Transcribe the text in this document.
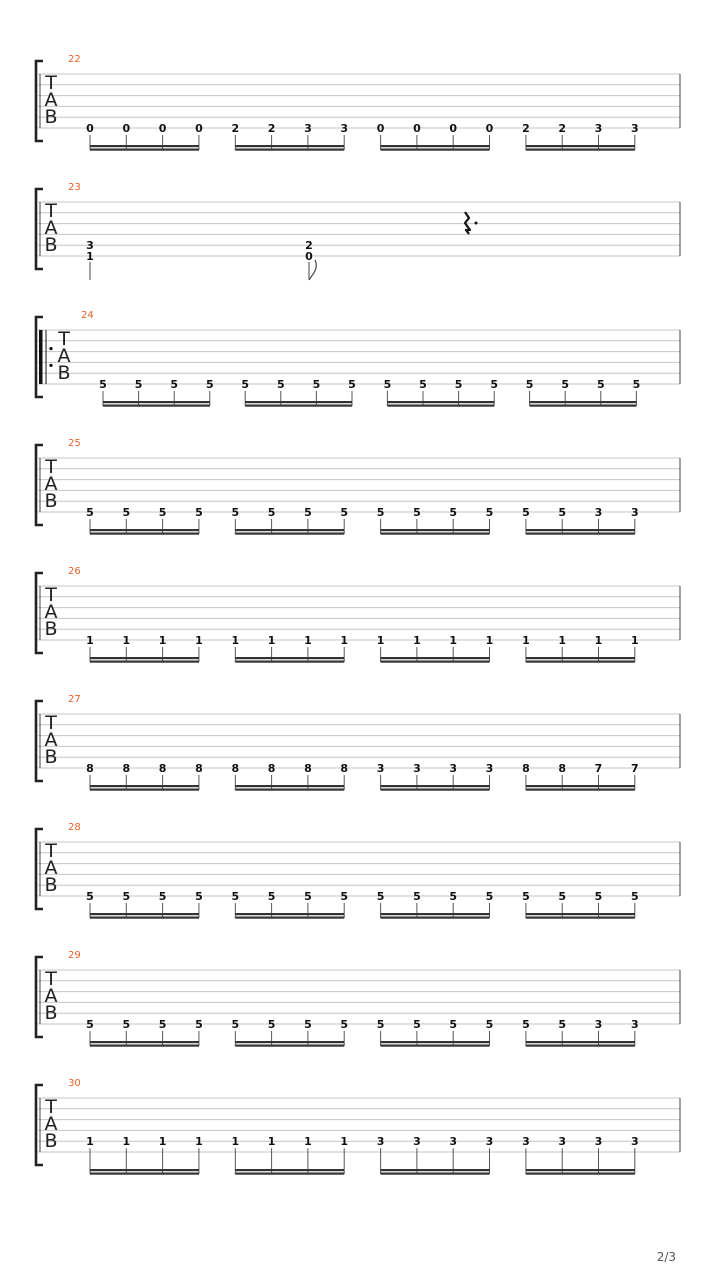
22
T
A
B
0	0	0	0	2	2	3	3	0	0	0	0	2	2	3	3
23
T
A
B	3
1
2
0
24
T
A
B
5	5	5	5	5	5	5	5	5	5	5	5	5	5	5	5
25
T
A
B
5	5	5	5	5	5	5	5	5	5	5	5	5	5	3	3
26
T
A
B
1	1	1	1	1	1	1	1	1	1	1	1	1	1	1	1
27
T
A
B
8	8	8	8	8	8	8	8	3	3	3	3	8	8	7	7
28
T
A
B
5	5	5	5	5	5	5	5	5	5	5	5	5	5	5	5
29
T
A
B
5	5	5	5	5	5	5	5	5	5	5	5	5	5	3	3
30
T
A
B	1	1	1	1	1	1	1	1	3	3	3	3	3	3	3	3
2/3
